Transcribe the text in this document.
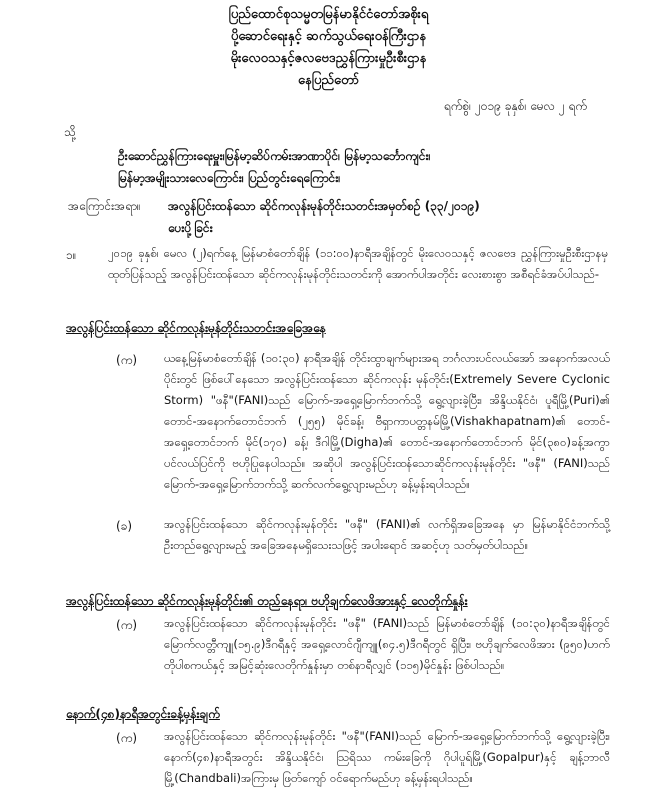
ပြည်ထောင်စုသမ္မတမြန်မာနိုင်ငံတော်အစိုးရ
ပို့ဆောင်ရေးနှင့် ဆက်သွယ်ရေးဝန်ကြီးဌာန
မိုးလေဝသနှင့်ဇလဗေဒညွှန်ကြားမှုဦးစီးဌာန
နေပြည်တော်
ရက်စွဲ၊ ၂၀၁၉ ခုနှစ်၊ မေလ ၂ ရက်
သို့
ဦးဆောင်ညွှန်ကြားရေးမှူး၊မြန်မာ့ဆိပ်ကမ်းအာဏာပိုင်၊ မြန်မာ့သင်္ဘောကျင်း၊
မြန်မာ့အမျိုးသားလေကြောင်း၊ ပြည်တွင်းရေကြောင်း၊
အကြောင်းအရာ။ အလွန်ပြင်းထန်သော ဆိုင်ကလုန်းမုန်တိုင်းသတင်းအမှတ်စဉ် (၃၃/၂၀၁၉)
ပေးပို့ခြင်း
၁။	၂၀၁၉ ခုနှစ်၊ မေလ (၂)ရက်နေ့ မြန်မာစံတော်ချိန် (၁၁:၀၀)နာရီအချိန်တွင် မိုးလေဝသနှင့် ဇလဗေဒ ညွှန်ကြားမှုဦးစီးဌာနမှ ထုတ်ပြန်သည့် အလွန်ပြင်းထန်သော ဆိုင်ကလုန်းမုန်တိုင်းသတင်းကို အောက်ပါအတိုင်း လေးစားစွာ အစီရင်ခံအပ်ပါသည်-
အလွန်ပြင်းထန်သော ဆိုင်ကလုန်းမုန်တိုင်းသတင်းအခြေအနေ
(က) ယနေ့မြန်မာစံတော်ချိန် (၁၀:၃၀) နာရီအချိန် တိုင်းထွာချက်များအရ ဘင်္ဂလားပင်လယ်အော် အနောက်အလယ်ပိုင်းတွင် ဖြစ်ပေါ်နေသော အလွန်ပြင်းထန်သော ဆိုင်ကလုန်း မုန်တိုင်း(Extremely Severe Cyclonic Storm) "ဖနီ"(FANI)သည် မြောက်-အရှေ့မြောက်ဘက်သို့ ရွေ့လျားခဲ့ပြီး၊ အိန္ဒိယနိုင်ငံ၊ ပူရီမြို့(Puri)၏ တောင်-အနောက်တောင်ဘက် (၂၅၅) မိုင်ခန့်၊ ဗီရှာကာပတ္တနမ်မြို့(Vishakhapatnam)၏ တောင်-အရှေ့တောင်ဘက် မိုင်(၁၇၀) ခန့်၊ ဒီဂါမြို့(Digha)၏ တောင်-အနောက်တောင်ဘက် မိုင်(၃၈၀)ခန့်အကွာ ပင်လယ်ပြင်ကို ဗဟိုပြုနေပါသည်။ အဆိုပါ အလွန်ပြင်းထန်သောဆိုင်ကလုန်းမုန်တိုင်း "ဖနီ" (FANI)သည် မြောက်-အရှေ့မြောက်ဘက်သို့ ဆက်လက်ရွေ့လျားမည်ဟု ခန့်မှန်းရပါသည်။
(ခ)	အလွန်ပြင်းထန်သော ဆိုင်ကလုန်းမုန်တိုင်း "ဖနီ" (FANI)၏ လက်ရှိအခြေအနေ မှာ မြန်မာနိုင်ငံဘက်သို့ ဦးတည်ရွေ့လျားမည့် အခြေအနေမရှိသေးသဖြင့် အပါးရောင် အဆင့်ဟု သတ်မှတ်ပါသည်။
အလွန်ပြင်းထန်သော ဆိုင်ကလုန်းမုန်တိုင်း၏ တည်နေရာ၊ ဗဟိုချက်လေဖိအားနှင့် လေတိုက်နှုန်း
(က) အလွန်ပြင်းထန်သော ဆိုင်ကလုန်းမုန်တိုင်း "ဖနီ" (FANI)သည် မြန်မာစံတော်ချိန် (၁၀:၃၀)နာရီအချိန်တွင် မြောက်လတ္တီကျူ(၁၅.၉)ဒီဂရီနှင့် အရှေ့လောင်ဂျီကျူ(၈၄.၅)ဒီဂရီတွင် ရှိပြီး၊ ဗဟိုချက်လေဖိအား (၉၅၀)ဟက်တိုပါစကယ်နှင့် အမြင့်ဆုံးလေတိုက်နှုန်းမှာ တစ်နာရီလျှင် (၁၁၅)မိုင်နှုန်း ဖြစ်ပါသည်။
နောက်(၄၈)နာရီအတွင်းခန့်မှန်းချက်
(က) အလွန်ပြင်းထန်သော ဆိုင်ကလုန်းမုန်တိုင်း "ဖနီ"(FANI)သည် မြောက်-အရှေ့မြောက်ဘက်သို့ ရွေ့လျားခဲ့ပြီး၊ နောက်(၄၈)နာရီအတွင်း အိန္ဒိယနိုင်ငံ၊ ဩရိဿ ကမ်းခြေကို ဂိုပါပူရ်မြို့(Gopalpur)နှင့် ချန့်ဘာလီမြို့(Chandbali)အကြားမှ ဖြတ်ကျော် ဝင်ရောက်မည်ဟု ခန့်မှန်းရပါသည်။
